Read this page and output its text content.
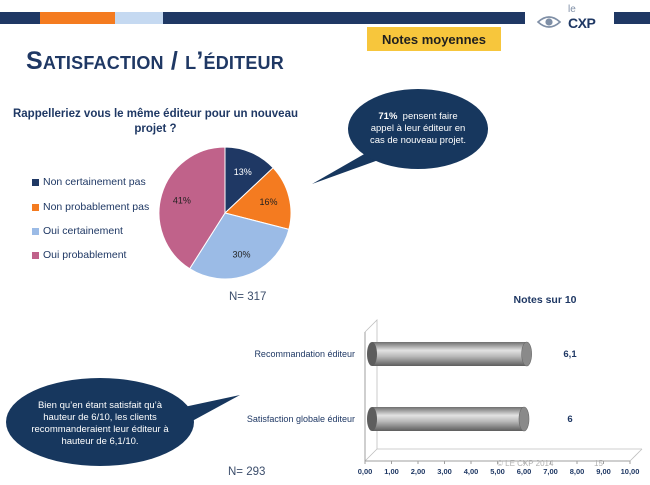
le
CXP
Notes moyennes
Satisfaction / l’éditeur
Rappelleriez vous le même éditeur pour un nouveau projet ?
Non certainement pas
Non probablement pas
Oui certainement
Oui probablement
13%
16%
30%
41%
N= 317
71% pensent faire appel à leur éditeur en cas de nouveau projet.
Bien qu’en étant satisfait qu’à hauteur de 6/10, les clients recommanderaient leur éditeur à hauteur de 6,1/10.
N= 293
Notes sur 10
0,00 1,00 2,00 3,00 4,00 5,00 6,00 7,00 8,00 9,00 10,00
Recommandation éditeur	6,1
Satisfaction globale éditeur	6
© LE CXP 2014	15
